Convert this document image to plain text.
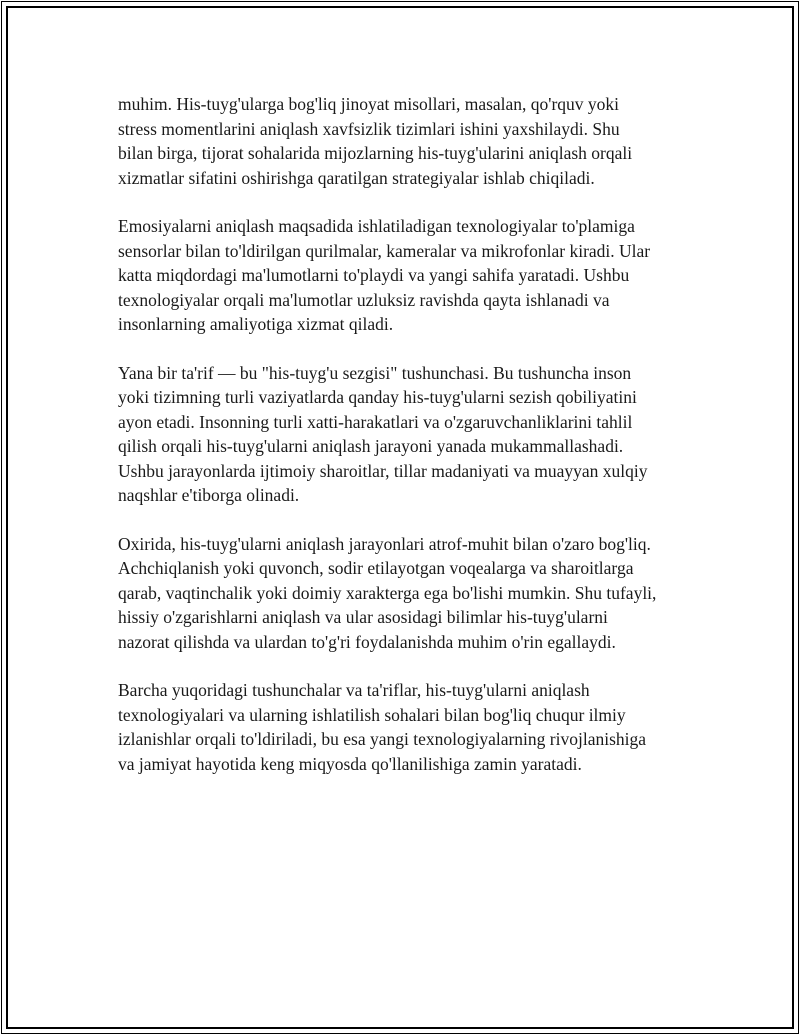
muhim. His-tuyg'ularga bog'liq jinoyat misollari, masalan, qo'rquv yoki
stress momentlarini aniqlash xavfsizlik tizimlari ishini yaxshilaydi. Shu
bilan birga, tijorat sohalarida mijozlarning his-tuyg'ularini aniqlash orqali
xizmatlar sifatini oshirishga qaratilgan strategiyalar ishlab chiqiladi.

Emosiyalarni aniqlash maqsadida ishlatiladigan texnologiyalar to'plamiga
sensorlar bilan to'ldirilgan qurilmalar, kameralar va mikrofonlar kiradi. Ular
katta miqdordagi ma'lumotlarni to'playdi va yangi sahifa yaratadi. Ushbu
texnologiyalar orqali ma'lumotlar uzluksiz ravishda qayta ishlanadi va
insonlarning amaliyotiga xizmat qiladi.

Yana bir ta'rif — bu "his-tuyg'u sezgisi" tushunchasi. Bu tushuncha inson
yoki tizimning turli vaziyatlarda qanday his-tuyg'ularni sezish qobiliyatini
ayon etadi. Insonning turli xatti-harakatlari va o'zgaruvchanliklarini tahlil
qilish orqali his-tuyg'ularni aniqlash jarayoni yanada mukammallashadi.
Ushbu jarayonlarda ijtimoiy sharoitlar, tillar madaniyati va muayyan xulqiy
naqshlar e'tiborga olinadi.

Oxirida, his-tuyg'ularni aniqlash jarayonlari atrof-muhit bilan o'zaro bog'liq.
Achchiqlanish yoki quvonch, sodir etilayotgan voqealarga va sharoitlarga
qarab, vaqtinchalik yoki doimiy xarakterga ega bo'lishi mumkin. Shu tufayli,
hissiy o'zgarishlarni aniqlash va ular asosidagi bilimlar his-tuyg'ularni
nazorat qilishda va ulardan to'g'ri foydalanishda muhim o'rin egallaydi.

Barcha yuqoridagi tushunchalar va ta'riflar, his-tuyg'ularni aniqlash
texnologiyalari va ularning ishlatilish sohalari bilan bog'liq chuqur ilmiy
izlanishlar orqali to'ldiriladi, bu esa yangi texnologiyalarning rivojlanishiga
va jamiyat hayotida keng miqyosda qo'llanilishiga zamin yaratadi.
